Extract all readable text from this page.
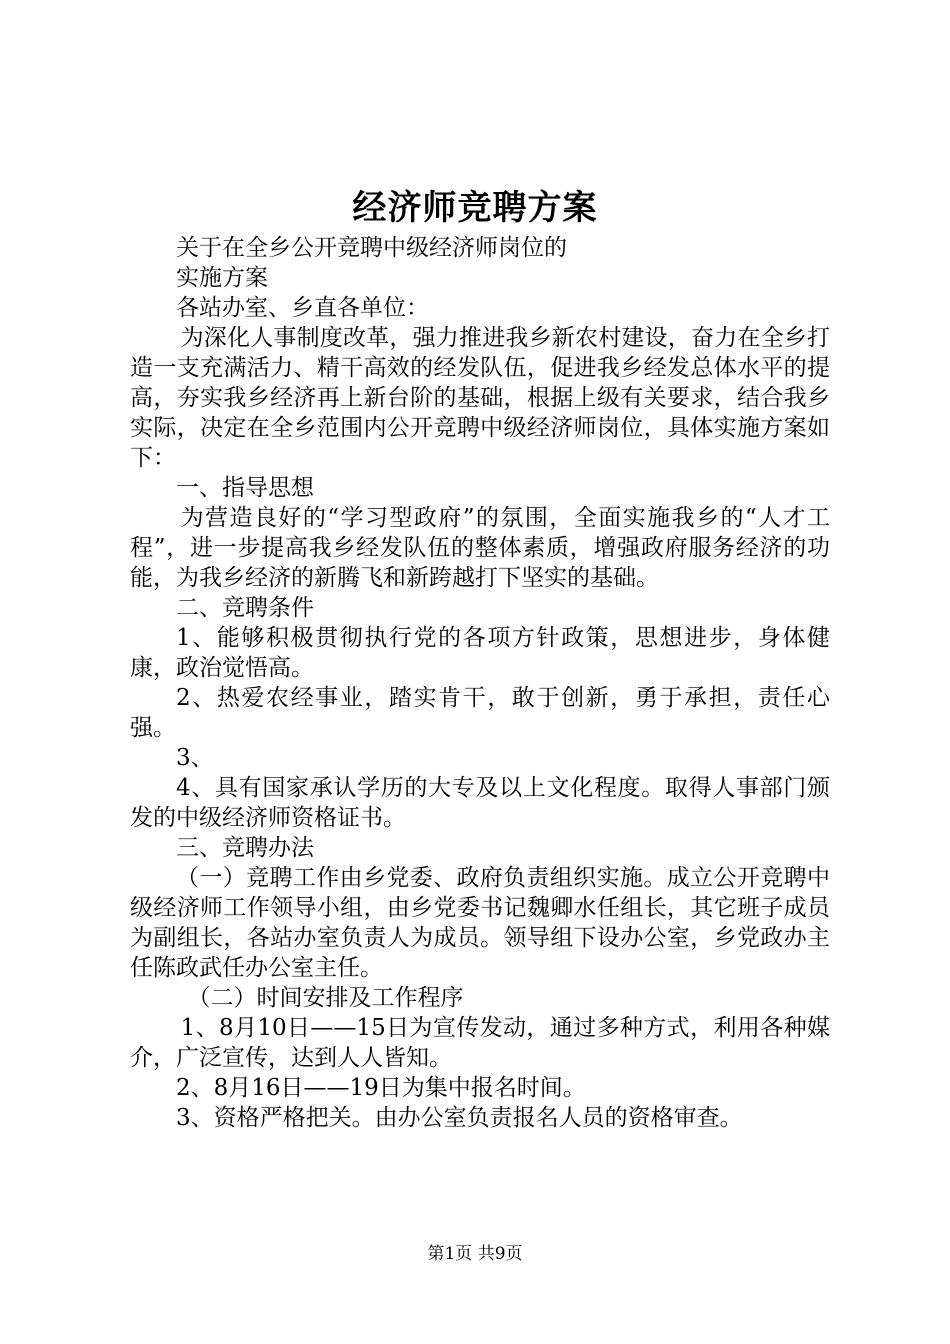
经济师竞聘方案

关于在全乡公开竞聘中级经济师岗位的

实施方案

各站办室、乡直各单位：

为深化人事制度改革，强力推进我乡新农村建设，奋力在全乡打造一支充满活力、精干高效的经发队伍，促进我乡经发总体水平的提高，夯实我乡经济再上新台阶的基础，根据上级有关要求，结合我乡实际，决定在全乡范围内公开竞聘中级经济师岗位，具体实施方案如下：

一、指导思想

为营造良好的“学习型政府”的氛围，全面实施我乡的“人才工程”，进一步提高我乡经发队伍的整体素质，增强政府服务经济的功能，为我乡经济的新腾飞和新跨越打下坚实的基础。

二、竞聘条件

1、能够积极贯彻执行党的各项方针政策，思想进步，身体健康，政治觉悟高。

2、热爱农经事业，踏实肯干，敢于创新，勇于承担，责任心强。

3、

4、具有国家承认学历的大专及以上文化程度。取得人事部门颁发的中级经济师资格证书。

三、竞聘办法

（一）竞聘工作由乡党委、政府负责组织实施。成立公开竞聘中级经济师工作领导小组，由乡党委书记魏卿水任组长，其它班子成员为副组长，各站办室负责人为成员。领导组下设办公室，乡党政办主任陈政武任办公室主任。

（二）时间安排及工作程序

1、8月10日——15日为宣传发动，通过多种方式，利用各种媒介，广泛宣传，达到人人皆知。

2、8月16日——19日为集中报名时间。

3、资格严格把关。由办公室负责报名人员的资格审查。

第1页 共9页
